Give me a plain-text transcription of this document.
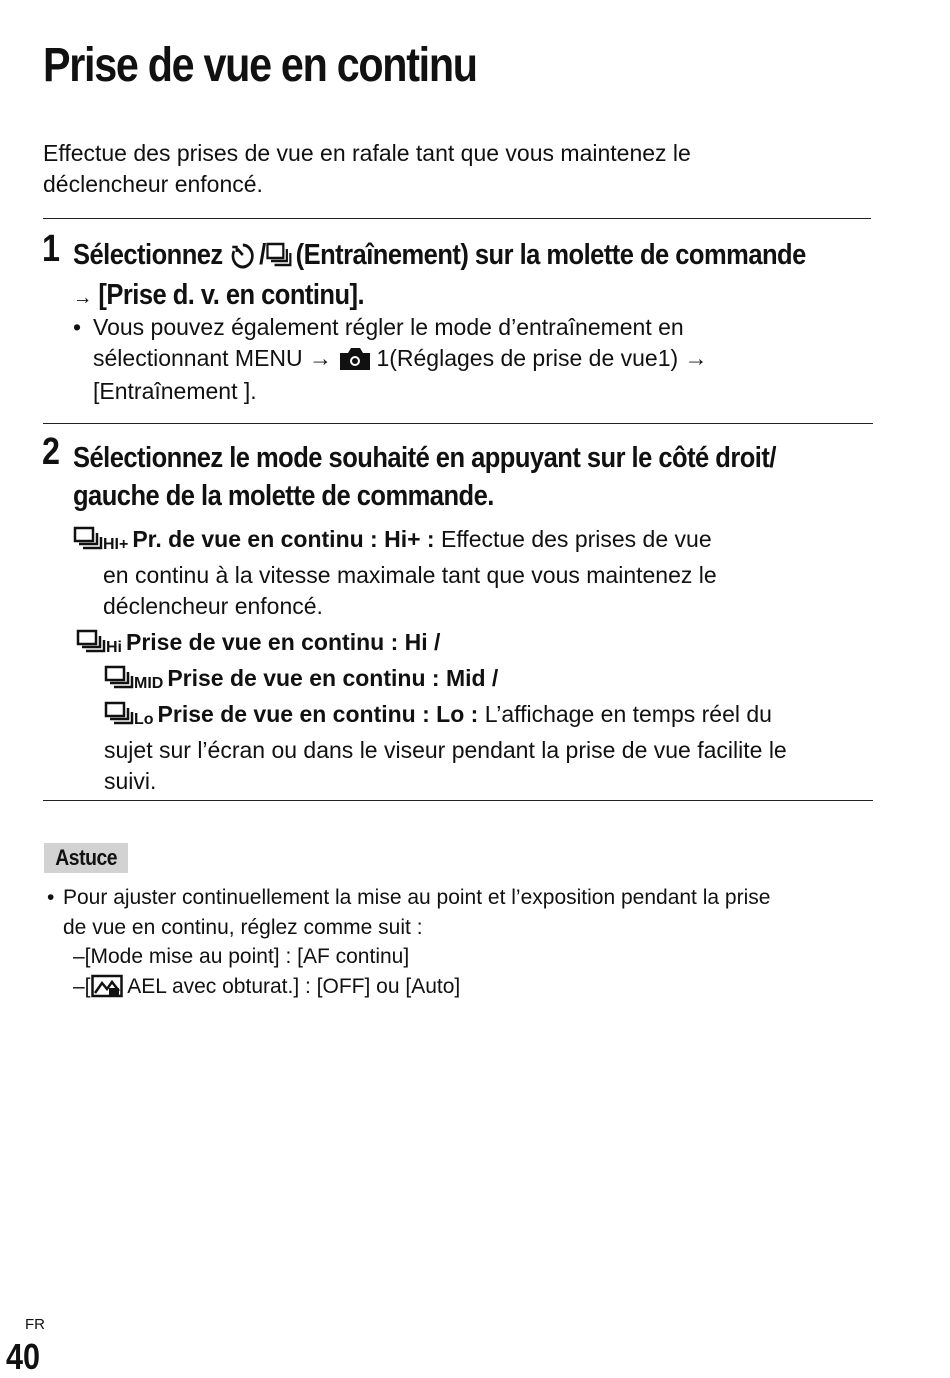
Prise de vue en continu
Effectue des prises de vue en rafale tant que vous maintenez le
déclencheur enfoncé.
1 Sélectionnez / (Entraînement) sur la molette de commande
→ [Prise d. v. en continu].
• Vous pouvez également régler le mode d’entraînement en
sélectionnant MENU → 1(Réglages de prise de vue1) →
[Entraînement ].
2 Sélectionnez le mode souhaité en appuyant sur le côté droit/
gauche de la molette de commande.
HI+ Pr. de vue en continu : Hi+ : Effectue des prises de vue
en continu à la vitesse maximale tant que vous maintenez le
déclencheur enfoncé.
Hi Prise de vue en continu : Hi /
MID Prise de vue en continu : Mid /
Lo Prise de vue en continu : Lo : L’affichage en temps réel du
sujet sur l’écran ou dans le viseur pendant la prise de vue facilite le
suivi.
Astuce
• Pour ajuster continuellement la mise au point et l’exposition pendant la prise
de vue en continu, réglez comme suit :
–[Mode mise au point] : [AF continu]
–[ AEL avec obturat.] : [OFF] ou [Auto]
FR
40
